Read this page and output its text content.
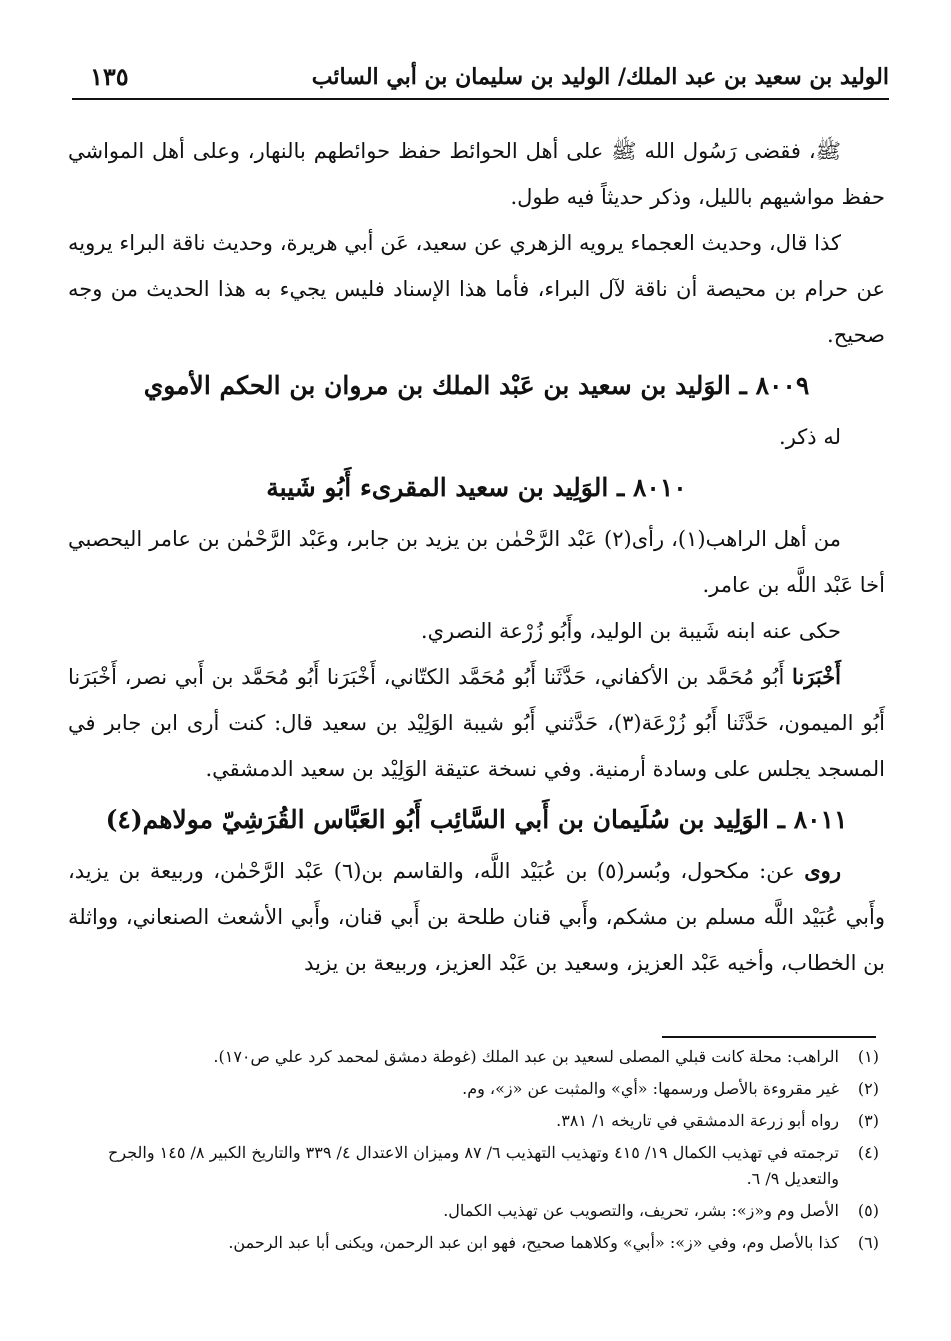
الوليد بن سعيد بن عبد الملك/ الوليد بن سليمان بن أبي السائب
١٣٥

ﷺ، فقضى رَسُول الله ﷺ على أهل الحوائط حفظ حوائطهم بالنهار، وعلى أهل المواشي حفظ مواشيهم بالليل، وذكر حديثاً فيه طول.

كذا قال، وحديث العجماء يرويه الزهري عن سعيد، عَن أبي هريرة، وحديث ناقة البراء يرويه عن حرام بن محيصة أن ناقة لآل البراء، فأما هذا الإسناد فليس يجيء به هذا الحديث من وجه صحيح.

٨٠٠٩ ـ الوَليد بن سعيد بن عَبْد الملك بن مروان بن الحكم الأموي

له ذكر.

٨٠١٠ ـ الوَلِيد بن سعيد المقرىء أَبُو شَيبة

من أهل الراهب(١)، رأى(٢) عَبْد الرَّحْمٰن بن يزيد بن جابر، وعَبْد الرَّحْمٰن بن عامر اليحصبي أخا عَبْد اللَّه بن عامر.

حكى عنه ابنه شَيبة بن الوليد، وأَبُو زُرْعة النصري.

أَخْبَرَنا أَبُو مُحَمَّد بن الأكفاني، حَدَّثَنا أَبُو مُحَمَّد الكتّاني، أَخْبَرَنا أَبُو مُحَمَّد بن أَبي نصر، أَخْبَرَنا أَبُو الميمون، حَدَّثَنا أَبُو زُرْعَة(٣)، حَدَّثني أَبُو شيبة الوَلِيْد بن سعيد قال: كنت أرى ابن جابر في المسجد يجلس على وسادة أرمنية. وفي نسخة عتيقة الوَلِيْد بن سعيد الدمشقي.

٨٠١١ ـ الوَلِيد بن سُلَيمان بن أَبي السَّائِب أَبُو العَبَّاس القُرَشِيّ مولاهم(٤)

روى عن: مكحول، وبُسر(٥) بن عُبَيْد اللَّه، والقاسم بن(٦) عَبْد الرَّحْمٰن، وربيعة بن يزيد، وأَبي عُبَيْد اللَّه مسلم بن مشكم، وأَبي قنان طلحة بن أَبي قنان، وأَبي الأشعث الصنعاني، وواثلة بن الخطاب، وأخيه عَبْد العزيز، وسعيد بن عَبْد العزيز، وربيعة بن يزيد

(١)
الراهب: محلة كانت قبلي المصلى لسعيد بن عبد الملك (غوطة دمشق لمحمد كرد علي ص١٧٠).
(٢)
غير مقروءة بالأصل ورسمها: «أي» والمثبت عن «ز»، وم.
(٣)
رواه أبو زرعة الدمشقي في تاريخه ١/ ٣٨١.
(٤)
ترجمته في تهذيب الكمال ١٩/ ٤١٥ وتهذيب التهذيب ٦/ ٨٧ وميزان الاعتدال ٤/ ٣٣٩ والتاريخ الكبير ٨/ ١٤٥ والجرح والتعديل ٩/ ٦.
(٥)
الأصل وم و«ز»: بشر، تحريف، والتصويب عن تهذيب الكمال.
(٦)
كذا بالأصل وم، وفي «ز»: «أبي» وكلاهما صحيح، فهو ابن عبد الرحمن، ويكنى أبا عبد الرحمن.
